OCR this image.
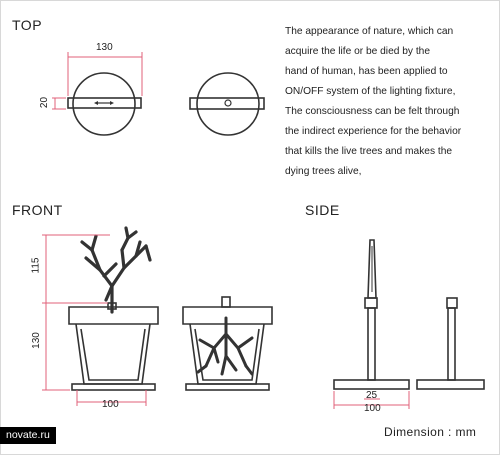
TOP
FRONT	SIDE
The appearance of nature, which can
acquire the life or be died by the
hand of human, has been applied to
ON/OFF system of the lighting fixture,
The consciousness can be felt through
the indirect experience for the behavior
that kills the live trees and makes the
dying trees alive,
130
20
115
130
100
25
100
Dimension : mm
novate.ru
